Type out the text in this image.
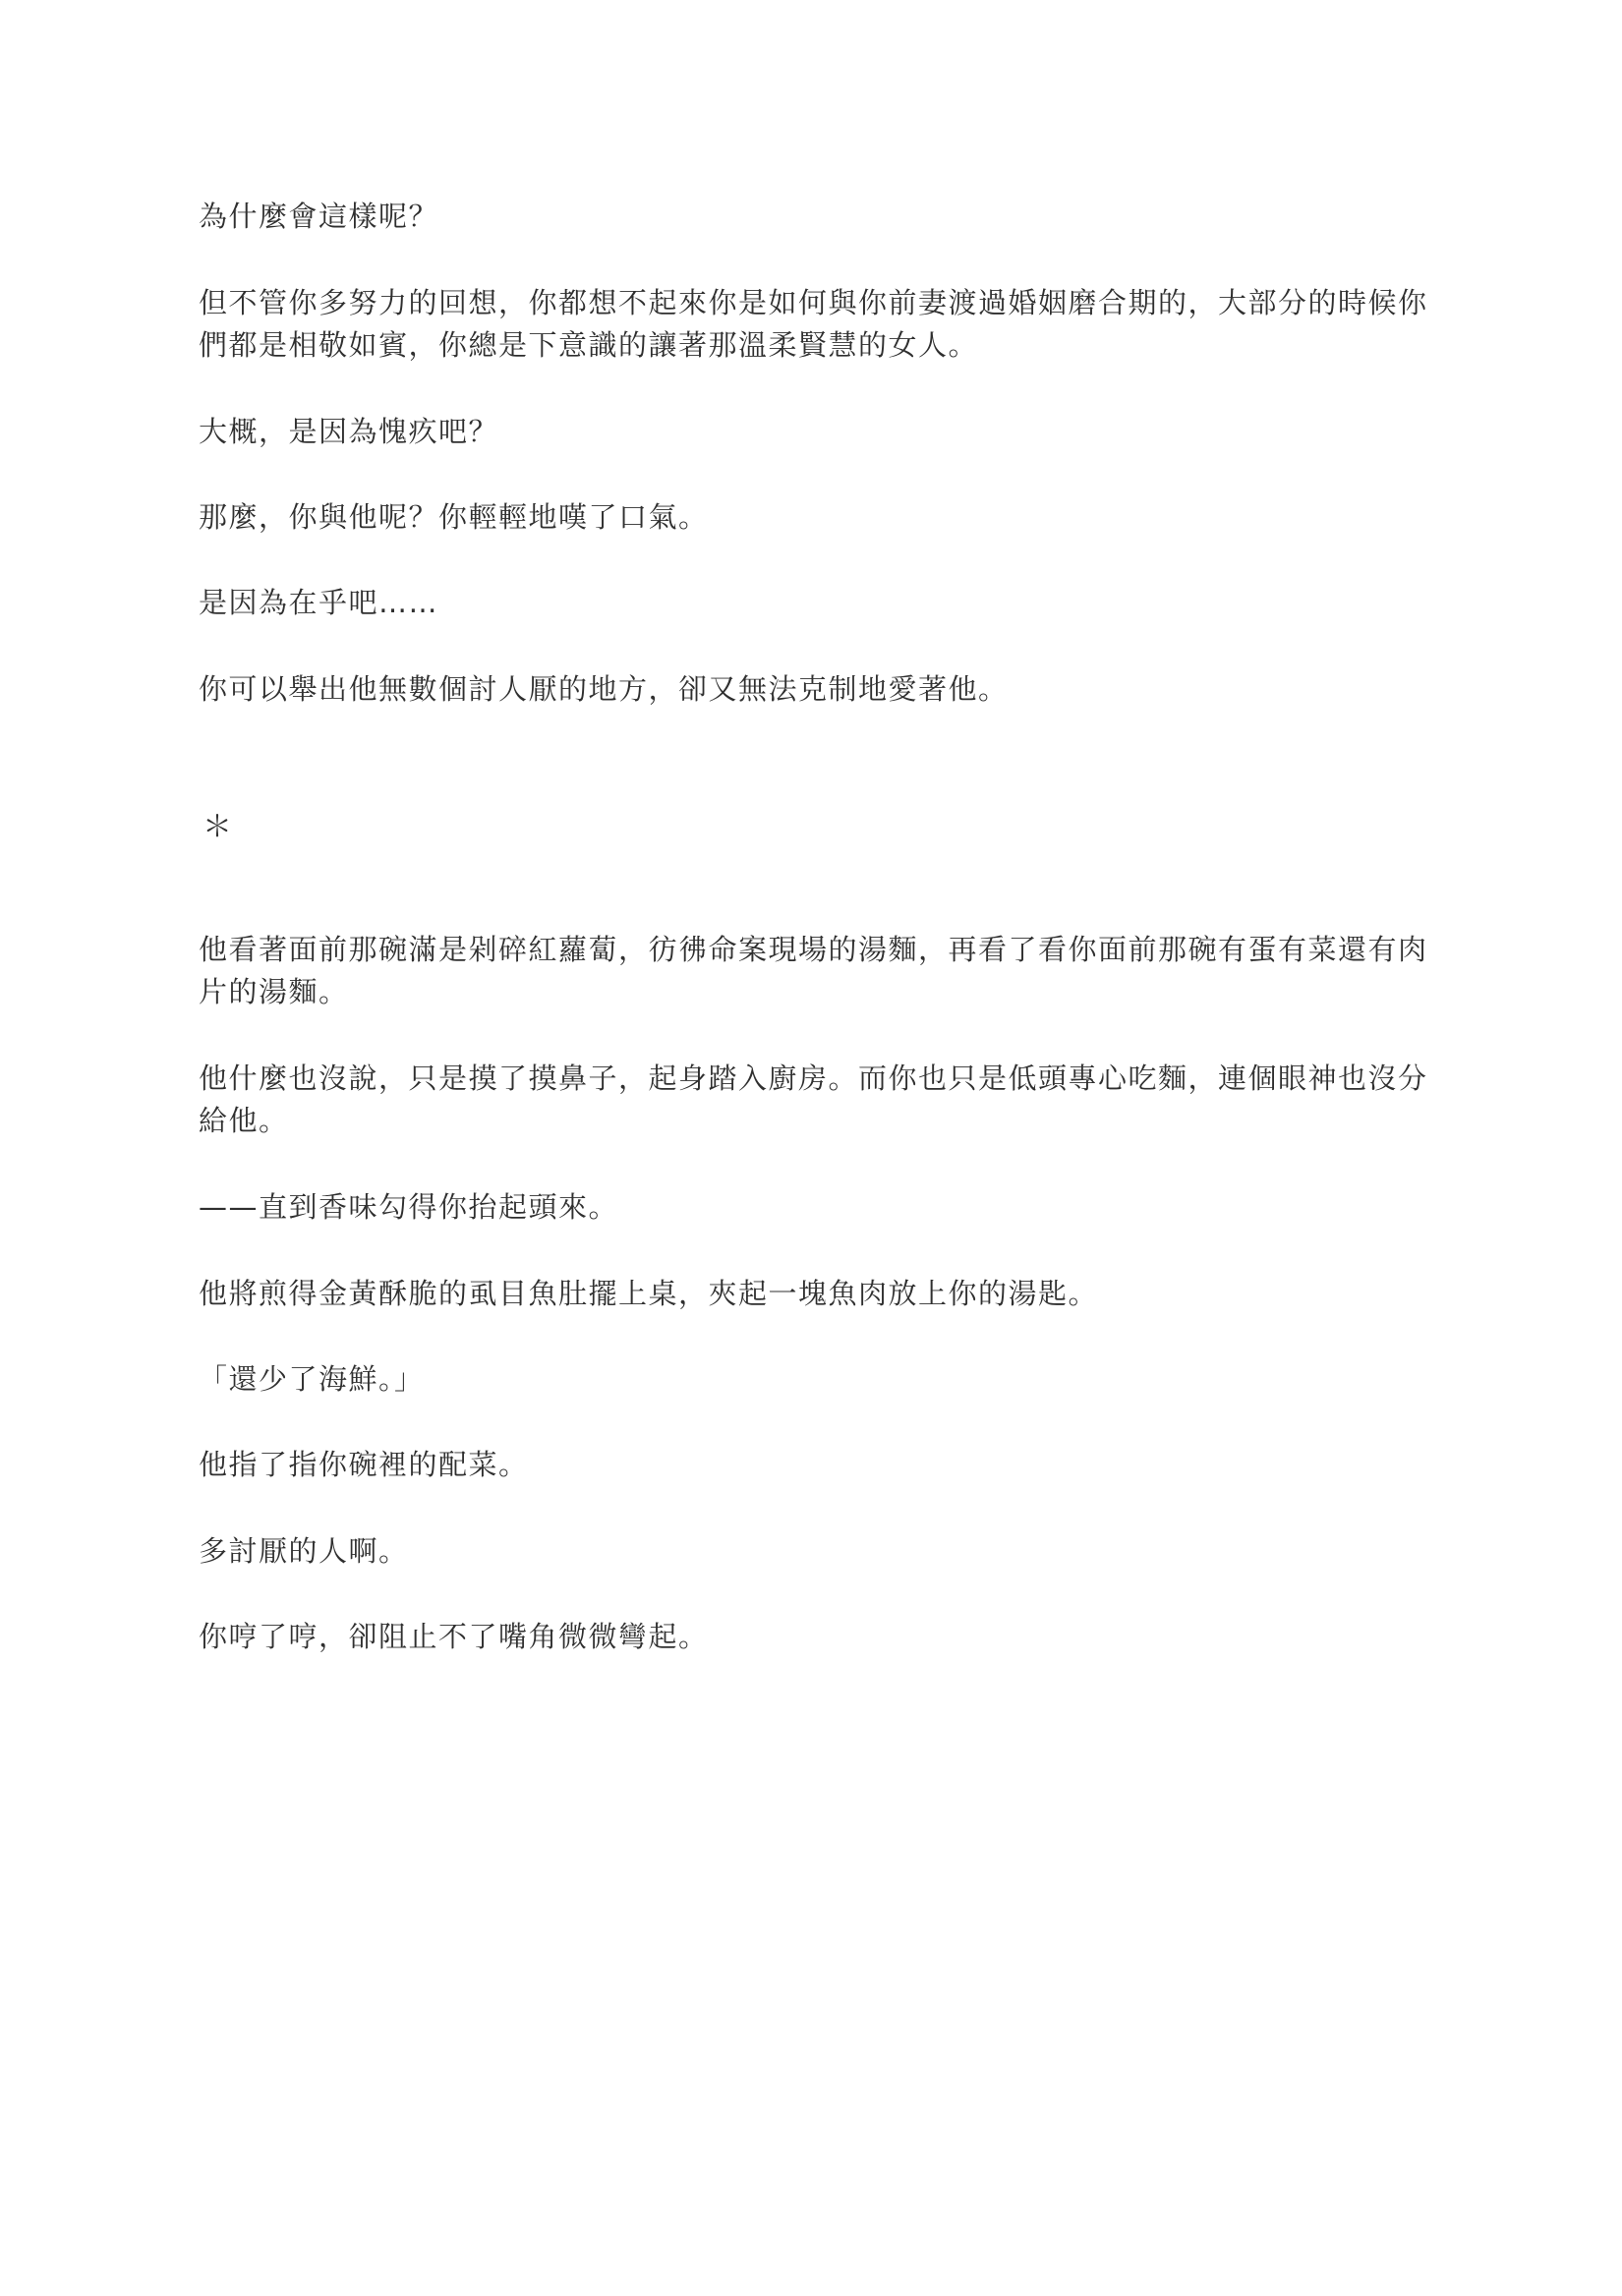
為什麼會這樣呢？

但不管你多努力的回想，你都想不起來你是如何與你前妻渡過婚姻磨合期的，大部分的時候你們都是相敬如賓，你總是下意識的讓著那溫柔賢慧的女人。

大概，是因為愧疚吧？

那麼，你與他呢？你輕輕地嘆了口氣。

是因為在乎吧……

你可以舉出他無數個討人厭的地方，卻又無法克制地愛著他。

＊

他看著面前那碗滿是剁碎紅蘿蔔，彷彿命案現場的湯麵，再看了看你面前那碗有蛋有菜還有肉片的湯麵。

他什麼也沒說，只是摸了摸鼻子，起身踏入廚房。而你也只是低頭專心吃麵，連個眼神也沒分給他。

——直到香味勾得你抬起頭來。

他將煎得金黃酥脆的虱目魚肚擺上桌，夾起一塊魚肉放上你的湯匙。

「還少了海鮮。」

他指了指你碗裡的配菜。

多討厭的人啊。

你哼了哼，卻阻止不了嘴角微微彎起。
